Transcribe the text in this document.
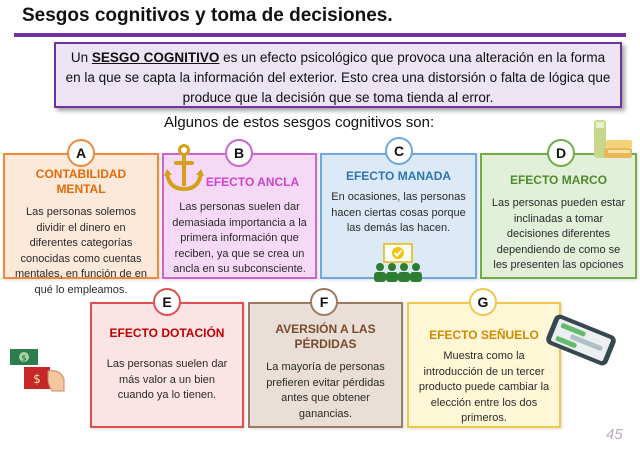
Sesgos cognitivos y toma de decisiones.
Un SESGO COGNITIVO es un efecto psicológico que provoca una alteración en la forma en la que se capta la información del exterior. Esto crea una distorsión o falta de lógica que produce que la decisión que se toma tienda al error.
Algunos de estos sesgos cognitivos son:
CONTABILIDAD MENTAL
Las personas solemos dividir el dinero en diferentes categorías conocidas como cuentas mentales, en función de en qué lo empleamos.
EFECTO ANCLA
Las personas suelen dar demasiada importancia a la primera información que reciben, ya que se crea un ancla en su subconsciente.
EFECTO MANADA
En ocasiones, las personas hacen ciertas cosas porque las demás las hacen.
EFECTO MARCO
Las personas pueden estar inclinadas a tomar decisiones diferentes dependiendo de como se les presenten las opciones
EFECTO DOTACIÓN
Las personas suelen dar más valor a un bien cuando ya lo tienen.
AVERSIÓN A LAS PÉRDIDAS
La mayoría de personas prefieren evitar pérdidas antes que obtener ganancias.
EFECTO SEÑUELO
Muestra como la introducción de un tercer producto puede cambiar la elección entre los dos primeros.
A	B	C	D
E	F	G
$
$
45
